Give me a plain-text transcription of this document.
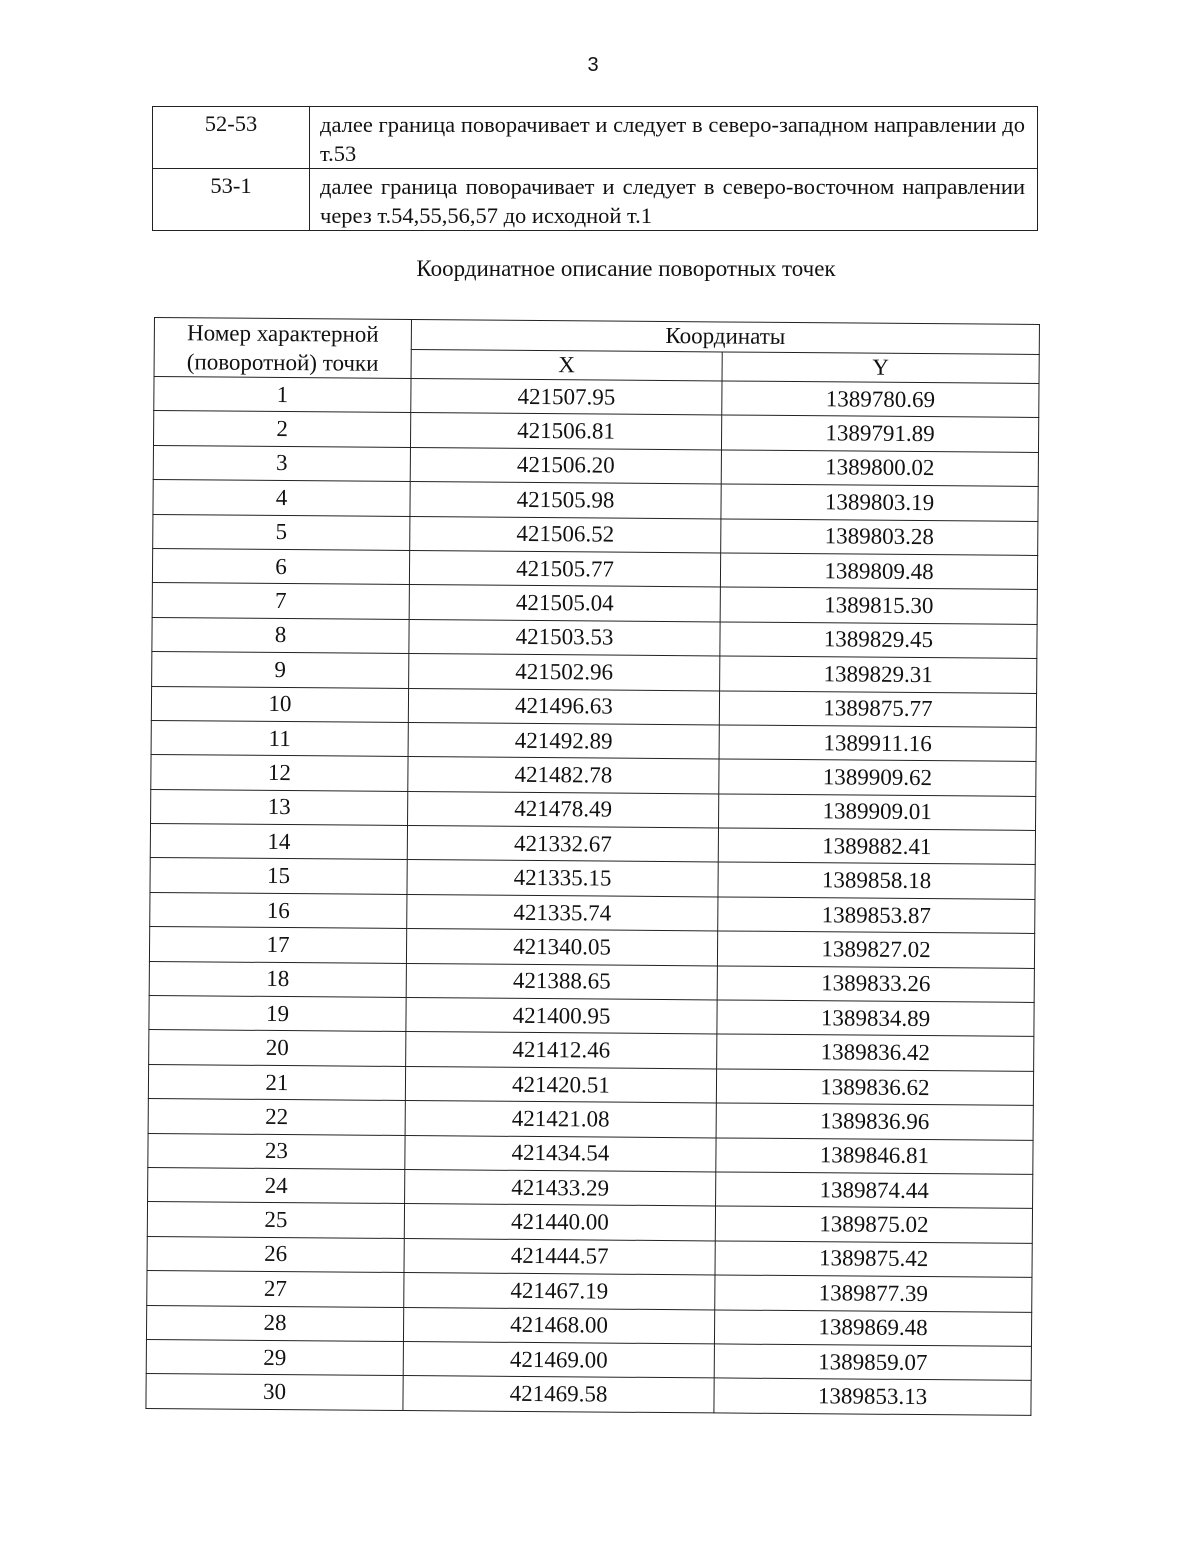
3
52-53	далее граница поворачивает и следует в северо-западном направлении до т.53
53-1	далее граница поворачивает и следует в северо-восточном направлении через т.54,55,56,57 до исходной т.1
Координатное описание поворотных точек
Номер характерной (поворотной) точки	Координаты	
	X	Y
1	421507.95	1389780.69
2	421506.81	1389791.89
3	421506.20	1389800.02
4	421505.98	1389803.19
5	421506.52	1389803.28
6	421505.77	1389809.48
7	421505.04	1389815.30
8	421503.53	1389829.45
9	421502.96	1389829.31
10	421496.63	1389875.77
11	421492.89	1389911.16
12	421482.78	1389909.62
13	421478.49	1389909.01
14	421332.67	1389882.41
15	421335.15	1389858.18
16	421335.74	1389853.87
17	421340.05	1389827.02
18	421388.65	1389833.26
19	421400.95	1389834.89
20	421412.46	1389836.42
21	421420.51	1389836.62
22	421421.08	1389836.96
23	421434.54	1389846.81
24	421433.29	1389874.44
25	421440.00	1389875.02
26	421444.57	1389875.42
27	421467.19	1389877.39
28	421468.00	1389869.48
29	421469.00	1389859.07
30	421469.58	1389853.13
